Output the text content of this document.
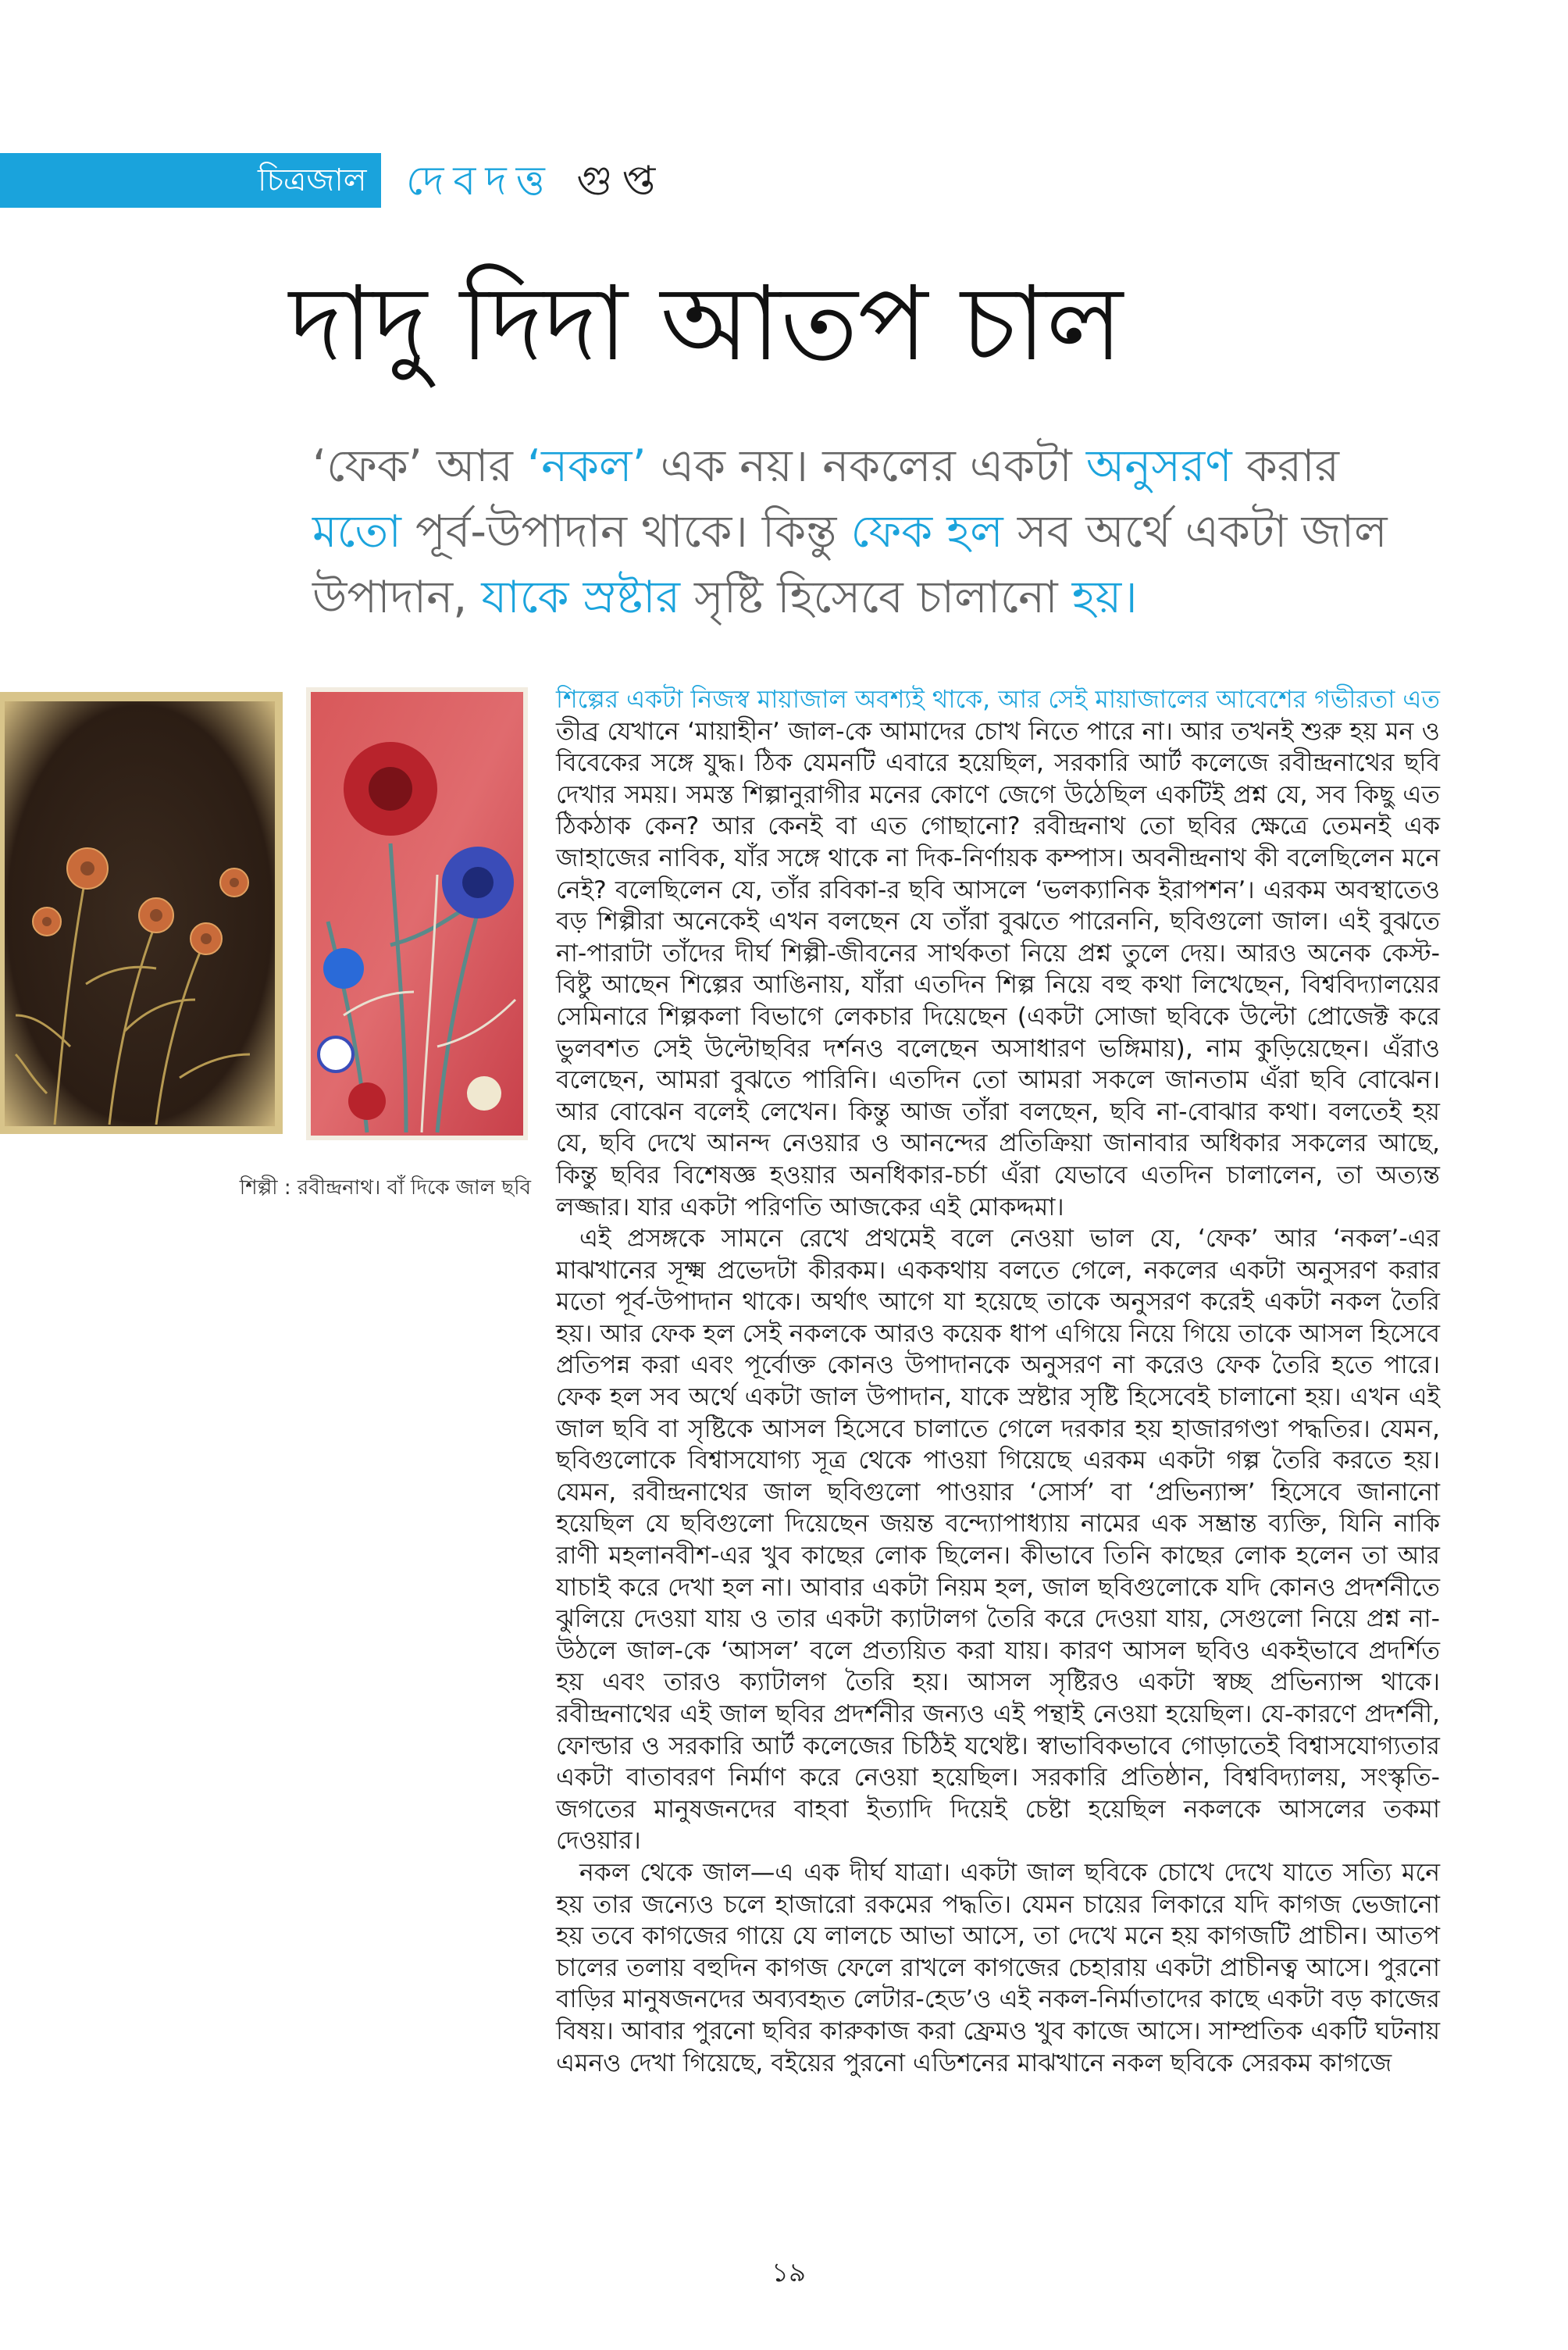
চিত্রজাল দেবদত্ত গুপ্ত
দাদু দিদা আতপ চাল
‘ফেক’ আর ‘নকল’ এক নয়। নকলের একটা অনুসরণ করার মতো পূর্ব-উপাদান থাকে। কিন্তু ফেক হল সব অর্থে একটা জাল উপাদান, যাকে স্রষ্টার সৃষ্টি হিসেবে চালানো হয়।
শিল্পী : রবীন্দ্রনাথ। বাঁ দিকে জাল ছবি

শিল্পের একটা নিজস্ব মায়াজাল অবশ্যই থাকে, আর সেই মায়াজালের আবেশের গভীরতা এত তীব্র যেখানে ‘মায়াহীন’ জাল-কে আমাদের চোখ নিতে পারে না। আর তখনই শুরু হয় মন ও বিবেকের সঙ্গে যুদ্ধ। ঠিক যেমনটি এবারে হয়েছিল, সরকারি আর্ট কলেজে রবীন্দ্রনাথের ছবি দেখার সময়। সমস্ত শিল্পানুরাগীর মনের কোণে জেগে উঠেছিল একটিই প্রশ্ন যে, সব কিছু এত ঠিকঠাক কেন? আর কেনই বা এত গোছানো? রবীন্দ্রনাথ তো ছবির ক্ষেত্রে তেমনই এক জাহাজের নাবিক, যাঁর সঙ্গে থাকে না দিক-নির্ণায়ক কম্পাস। অবনীন্দ্রনাথ কী বলেছিলেন মনে নেই? বলেছিলেন যে, তাঁর রবিকা-র ছবি আসলে ‘ভলক্যানিক ইরাপশন’। এরকম অবস্থাতেও বড় শিল্পীরা অনেকেই এখন বলছেন যে তাঁরা বুঝতে পারেননি, ছবিগুলো জাল। এই বুঝতে না-পারাটা তাঁদের দীর্ঘ শিল্পী-জীবনের সার্থকতা নিয়ে প্রশ্ন তুলে দেয়। আরও অনেক কেস্ট-বিষ্টু আছেন শিল্পের আঙিনায়, যাঁরা এতদিন শিল্প নিয়ে বহু কথা লিখেছেন, বিশ্ববিদ্যালয়ের সেমিনারে শিল্পকলা বিভাগে লেকচার দিয়েছেন (একটা সোজা ছবিকে উল্টো প্রোজেক্ট করে ভুলবশত সেই উল্টোছবির দর্শনও বলেছেন অসাধারণ ভঙ্গিমায়), নাম কুড়িয়েছেন। এঁরাও বলেছেন, আমরা বুঝতে পারিনি। এতদিন তো আমরা সকলে জানতাম এঁরা ছবি বোঝেন। আর বোঝেন বলেই লেখেন। কিন্তু আজ তাঁরা বলছেন, ছবি না-বোঝার কথা। বলতেই হয় যে, ছবি দেখে আনন্দ নেওয়ার ও আনন্দের প্রতিক্রিয়া জানাবার অধিকার সকলের আছে, কিন্তু ছবির বিশেষজ্ঞ হওয়ার অনধিকার-চর্চা এঁরা যেভাবে এতদিন চালালেন, তা অত্যন্ত লজ্জার। যার একটা পরিণতি আজকের এই মোকদ্দমা।

এই প্রসঙ্গকে সামনে রেখে প্রথমেই বলে নেওয়া ভাল যে, ‘ফেক’ আর ‘নকল’-এর মাঝখানের সূক্ষ্ম প্রভেদটা কীরকম। এককথায় বলতে গেলে, নকলের একটা অনুসরণ করার মতো পূর্ব-উপাদান থাকে। অর্থাৎ আগে যা হয়েছে তাকে অনুসরণ করেই একটা নকল তৈরি হয়। আর ফেক হল সেই নকলকে আরও কয়েক ধাপ এগিয়ে নিয়ে গিয়ে তাকে আসল হিসেবে প্রতিপন্ন করা এবং পূর্বোক্ত কোনও উপাদানকে অনুসরণ না করেও ফেক তৈরি হতে পারে। ফেক হল সব অর্থে একটা জাল উপাদান, যাকে স্রষ্টার সৃষ্টি হিসেবেই চালানো হয়। এখন এই জাল ছবি বা সৃষ্টিকে আসল হিসেবে চালাতে গেলে দরকার হয় হাজারগণ্ডা পদ্ধতির। যেমন, ছবিগুলোকে বিশ্বাসযোগ্য সূত্র থেকে পাওয়া গিয়েছে এরকম একটা গল্প তৈরি করতে হয়। যেমন, রবীন্দ্রনাথের জাল ছবিগুলো পাওয়ার ‘সোর্স’ বা ‘প্রভিন্যান্স’ হিসেবে জানানো হয়েছিল যে ছবিগুলো দিয়েছেন জয়ন্ত বন্দ্যোপাধ্যায় নামের এক সম্ভ্রান্ত ব্যক্তি, যিনি নাকি রাণী মহলানবীশ-এর খুব কাছের লোক ছিলেন। কীভাবে তিনি কাছের লোক হলেন তা আর যাচাই করে দেখা হল না। আবার একটা নিয়ম হল, জাল ছবিগুলোকে যদি কোনও প্রদর্শনীতে ঝুলিয়ে দেওয়া যায় ও তার একটা ক্যাটালগ তৈরি করে দেওয়া যায়, সেগুলো নিয়ে প্রশ্ন না-উঠলে জাল-কে ‘আসল’ বলে প্রত্যয়িত করা যায়। কারণ আসল ছবিও একইভাবে প্রদর্শিত হয় এবং তারও ক্যাটালগ তৈরি হয়। আসল সৃষ্টিরও একটা স্বচ্ছ প্রভিন্যান্স থাকে। রবীন্দ্রনাথের এই জাল ছবির প্রদর্শনীর জন্যও এই পন্থাই নেওয়া হয়েছিল। যে-কারণে প্রদর্শনী, ফোল্ডার ও সরকারি আর্ট কলেজের চিঠিই যথেষ্ট। স্বাভাবিকভাবে গোড়াতেই বিশ্বাসযোগ্যতার একটা বাতাবরণ নির্মাণ করে নেওয়া হয়েছিল। সরকারি প্রতিষ্ঠান, বিশ্ববিদ্যালয়, সংস্কৃতি-জগতের মানুষজনদের বাহবা ইত্যাদি দিয়েই চেষ্টা হয়েছিল নকলকে আসলের তকমা দেওয়ার।

নকল থেকে জাল—এ এক দীর্ঘ যাত্রা। একটা জাল ছবিকে চোখে দেখে যাতে সত্যি মনে হয় তার জন্যেও চলে হাজারো রকমের পদ্ধতি। যেমন চায়ের লিকারে যদি কাগজ ভেজানো হয় তবে কাগজের গায়ে যে লালচে আভা আসে, তা দেখে মনে হয় কাগজটি প্রাচীন। আতপ চালের তলায় বহুদিন কাগজ ফেলে রাখলে কাগজের চেহারায় একটা প্রাচীনত্ব আসে। পুরনো বাড়ির মানুষজনদের অব্যবহৃত লেটার-হেড’ও এই নকল-নির্মাতাদের কাছে একটা বড় কাজের বিষয়। আবার পুরনো ছবির কারুকাজ করা ফ্রেমও খুব কাজে আসে। সাম্প্রতিক একটি ঘটনায় এমনও দেখা গিয়েছে, বইয়ের পুরনো এডিশনের মাঝখানে নকল ছবিকে সেরকম কাগজে

১৯
